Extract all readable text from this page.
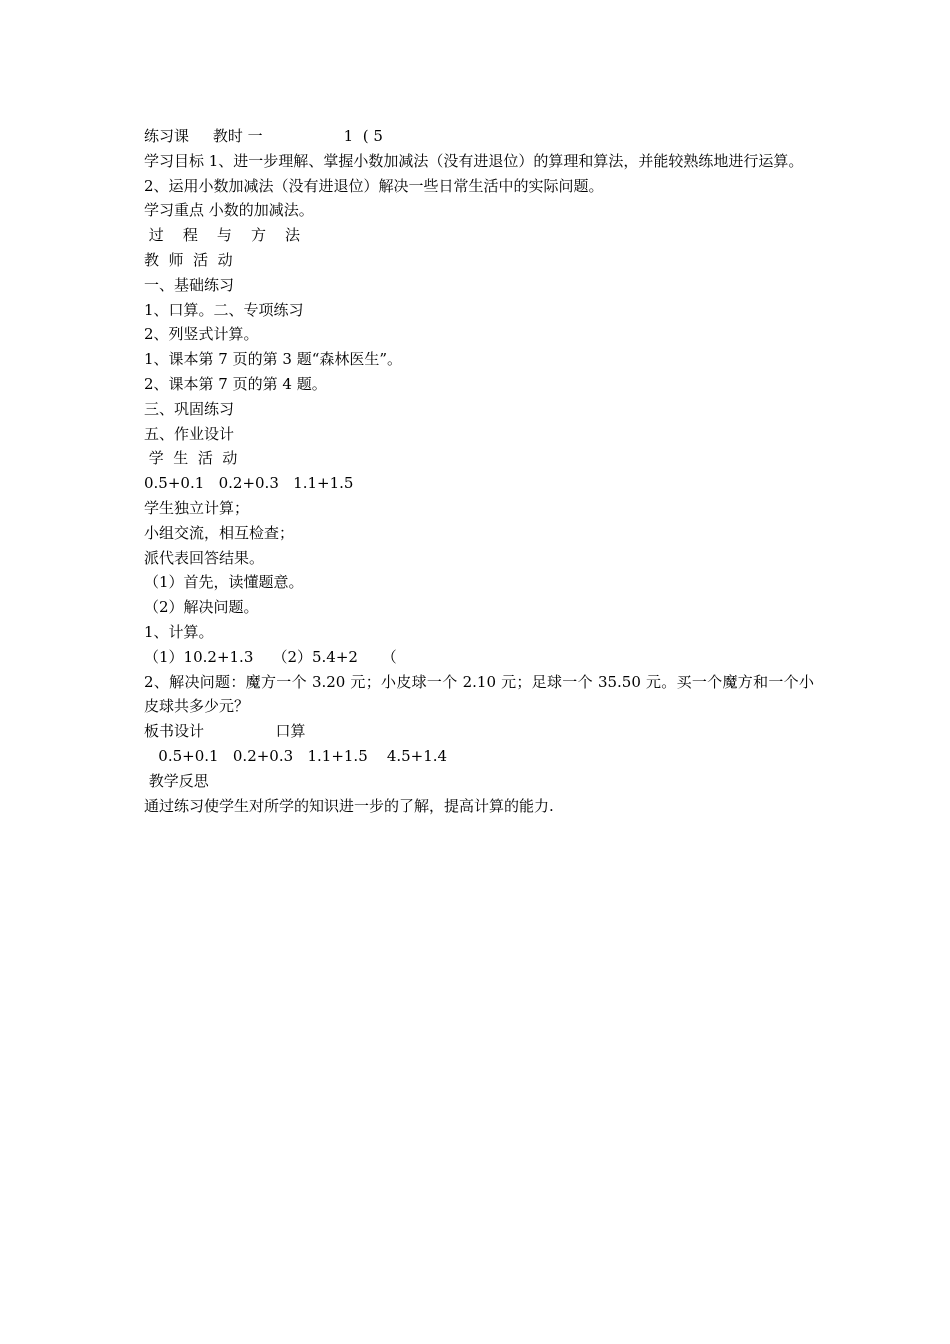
练习课     教时 一                 1  ( 5
学习目标 1、进一步理解、掌握小数加减法（没有进退位）的算理和算法，并能较熟练地进行运算。
2、运用小数加减法（没有进退位）解决一些日常生活中的实际问题。
学习重点 小数的加减法。
过    程    与    方    法
教  师  活  动
一、基础练习
1、口算。二、专项练习
2、列竖式计算。
1、课本第 7 页的第 3 题“森林医生”。
2、课本第 7 页的第 4 题。
三、巩固练习
五、作业设计
学  生  活  动
0.5+0.1   0.2+0.3   1.1+1.5
学生独立计算；
小组交流，相互检查；
派代表回答结果。
（1）首先，读懂题意。
（2）解决问题。
1、计算。
（1）10.2+1.3    （2）5.4+2     （
2、解决问题：魔方一个 3.20 元；小皮球一个 2.10 元；足球一个 35.50 元。买一个魔方和一个小皮球共多少元？
板书设计               口算
0.5+0.1   0.2+0.3   1.1+1.5    4.5+1.4
教学反思
通过练习使学生对所学的知识进一步的了解，提高计算的能力.
